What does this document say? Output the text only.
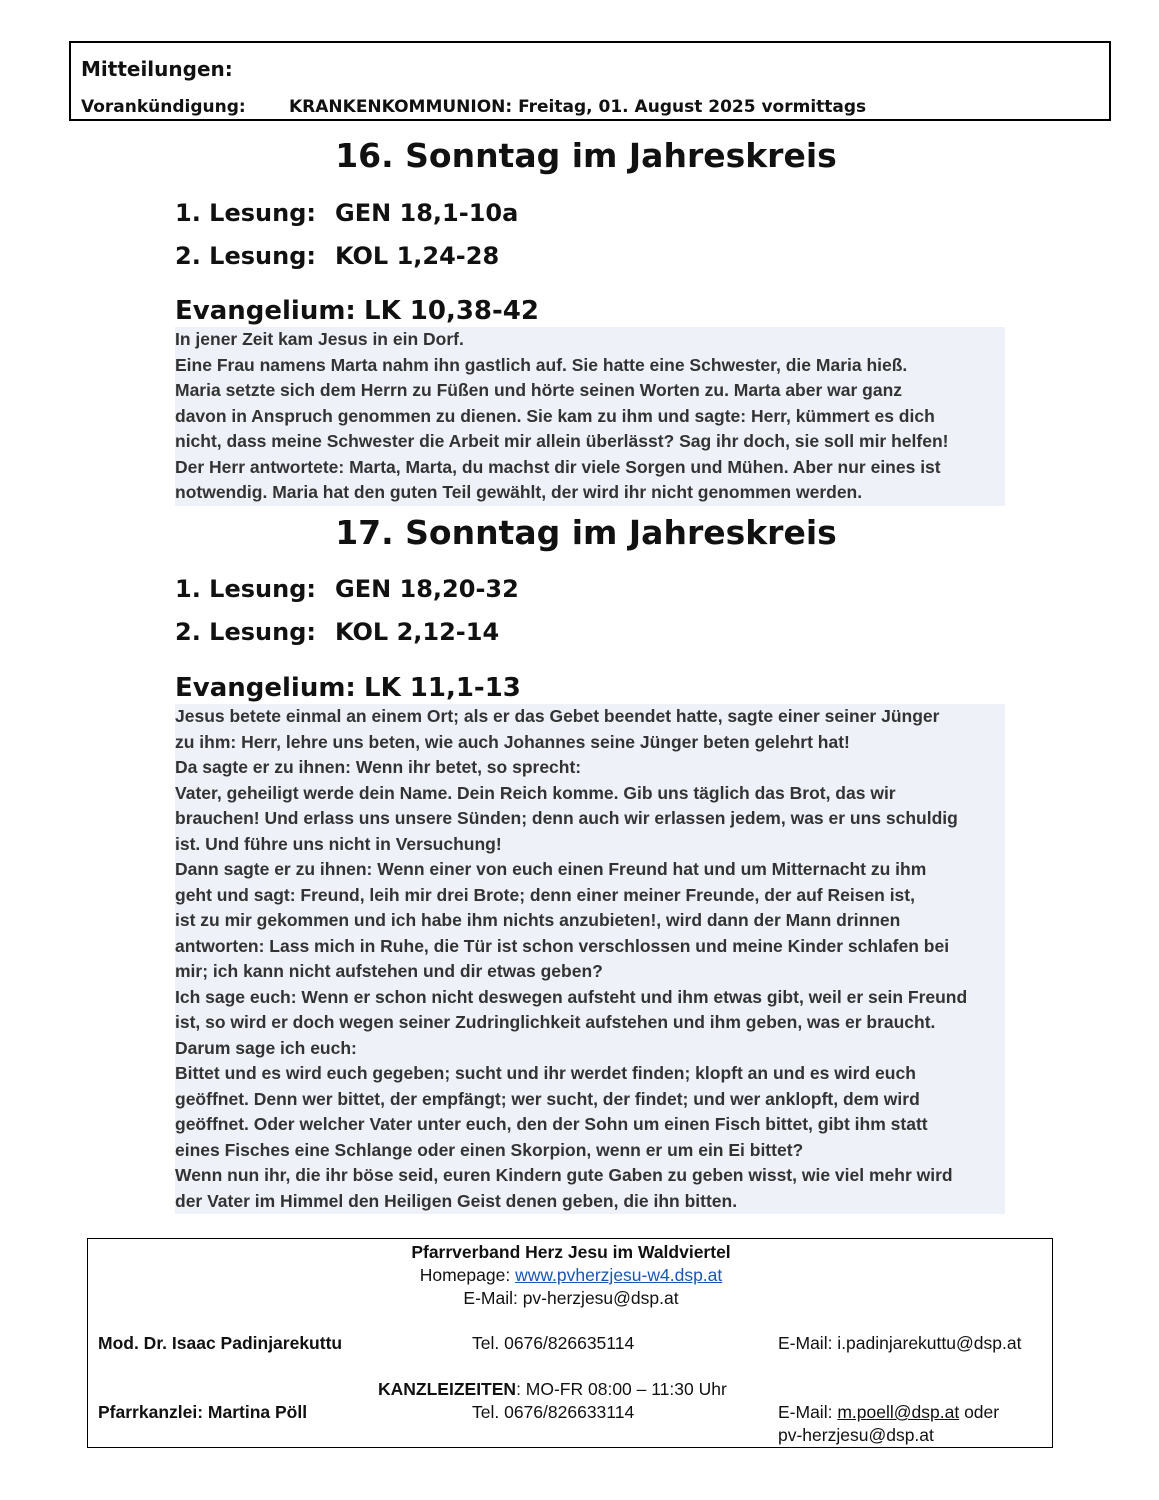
Mitteilungen:
Vorankündigung:	KRANKENKOMMUNION: Freitag, 01. August 2025 vormittags
16. Sonntag im Jahreskreis
1. Lesung: GEN 18,1-10a
2. Lesung: KOL 1,24-28
Evangelium: LK 10,38-42
In jener Zeit kam Jesus in ein Dorf.
Eine Frau namens Marta nahm ihn gastlich auf. Sie hatte eine Schwester, die Maria hieß.
Maria setzte sich dem Herrn zu Füßen und hörte seinen Worten zu. Marta aber war ganz
davon in Anspruch genommen zu dienen. Sie kam zu ihm und sagte: Herr, kümmert es dich
nicht, dass meine Schwester die Arbeit mir allein überlässt? Sag ihr doch, sie soll mir helfen!
Der Herr antwortete: Marta, Marta, du machst dir viele Sorgen und Mühen. Aber nur eines ist
notwendig. Maria hat den guten Teil gewählt, der wird ihr nicht genommen werden.
17. Sonntag im Jahreskreis
1. Lesung: GEN 18,20-32
2. Lesung: KOL 2,12-14
Evangelium: LK 11,1-13
Jesus betete einmal an einem Ort; als er das Gebet beendet hatte, sagte einer seiner Jünger
zu ihm: Herr, lehre uns beten, wie auch Johannes seine Jünger beten gelehrt hat!
Da sagte er zu ihnen: Wenn ihr betet, so sprecht:
Vater, geheiligt werde dein Name. Dein Reich komme. Gib uns täglich das Brot, das wir
brauchen! Und erlass uns unsere Sünden; denn auch wir erlassen jedem, was er uns schuldig
ist. Und führe uns nicht in Versuchung!
Dann sagte er zu ihnen: Wenn einer von euch einen Freund hat und um Mitternacht zu ihm
geht und sagt: Freund, leih mir drei Brote; denn einer meiner Freunde, der auf Reisen ist,
ist zu mir gekommen und ich habe ihm nichts anzubieten!, wird dann der Mann drinnen
antworten: Lass mich in Ruhe, die Tür ist schon verschlossen und meine Kinder schlafen bei
mir; ich kann nicht aufstehen und dir etwas geben?
Ich sage euch: Wenn er schon nicht deswegen aufsteht und ihm etwas gibt, weil er sein Freund
ist, so wird er doch wegen seiner Zudringlichkeit aufstehen und ihm geben, was er braucht.
Darum sage ich euch:
Bittet und es wird euch gegeben; sucht und ihr werdet finden; klopft an und es wird euch
geöffnet. Denn wer bittet, der empfängt; wer sucht, der findet; und wer anklopft, dem wird
geöffnet. Oder welcher Vater unter euch, den der Sohn um einen Fisch bittet, gibt ihm statt
eines Fisches eine Schlange oder einen Skorpion, wenn er um ein Ei bittet?
Wenn nun ihr, die ihr böse seid, euren Kindern gute Gaben zu geben wisst, wie viel mehr wird
der Vater im Himmel den Heiligen Geist denen geben, die ihn bitten.
Pfarrverband Herz Jesu im Waldviertel
Homepage: www.pvherzjesu-w4.dsp.at
E-Mail: pv-herzjesu@dsp.at
Mod. Dr. Isaac Padinjarekuttu	Tel. 0676/826635114	E-Mail: i.padinjarekuttu@dsp.at
KANZLEIZEITEN: MO-FR 08:00 – 11:30 Uhr
Pfarrkanzlei: Martina Pöll	Tel. 0676/826633114	E-Mail: m.poell@dsp.at oder
pv-herzjesu@dsp.at
